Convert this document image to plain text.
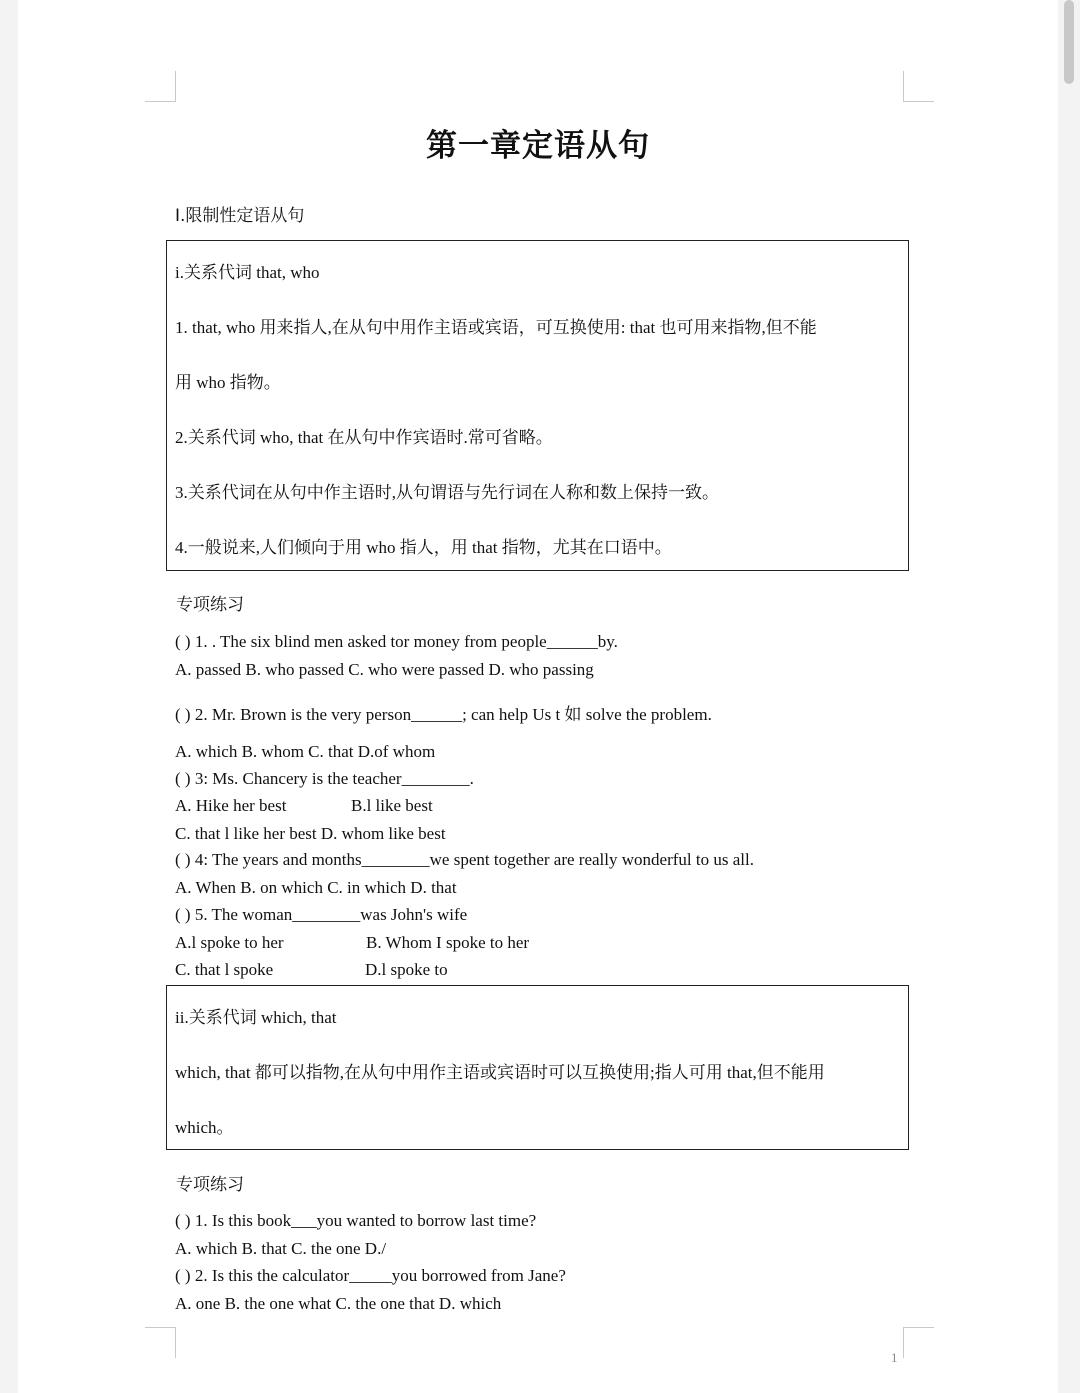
第一章定语从句
I.限制性定语从句
i.关系代词 that, who
1. that, who 用来指人,在从句中用作主语或宾语，可互换使用: that 也可用来指物,但不能
用 who 指物。
2.关系代词 who, that 在从句中作宾语时.常可省略。
3.关系代词在从句中作主语时,从句谓语与先行词在人称和数上保持一致。
4.一般说来,人们倾向于用 who 指人，用 that 指物，尤其在口语中。
专项练习
( ) 1. . The six blind men asked tor money from people______by.
A. passed B. who passed C. who were passed D. who passing
( ) 2. Mr. Brown is the very person______; can help Us t 如 solve the problem.
A. which B. whom C. that D.of whom
( ) 3: Ms. Chancery is the teacher________.
A. Hike her best	B.l like best
C. that l like her best D. whom like best
( ) 4: The years and months________we spent together are really wonderful to us all.
A. When B. on which C. in which D. that
( ) 5. The woman________was John's wife
A.l spoke to her	B. Whom I spoke to her
C. that l spoke	D.l spoke to
ii.关系代词 which, that
which, that 都可以指物,在从句中用作主语或宾语时可以互换使用;指人可用 that,但不能用
which。
专项练习
( ) 1. Is this book___you wanted to borrow last time?
A. which B. that C. the one D./
( ) 2. Is this the calculator_____you borrowed from Jane?
A. one B. the one what C. the one that D. which
1
